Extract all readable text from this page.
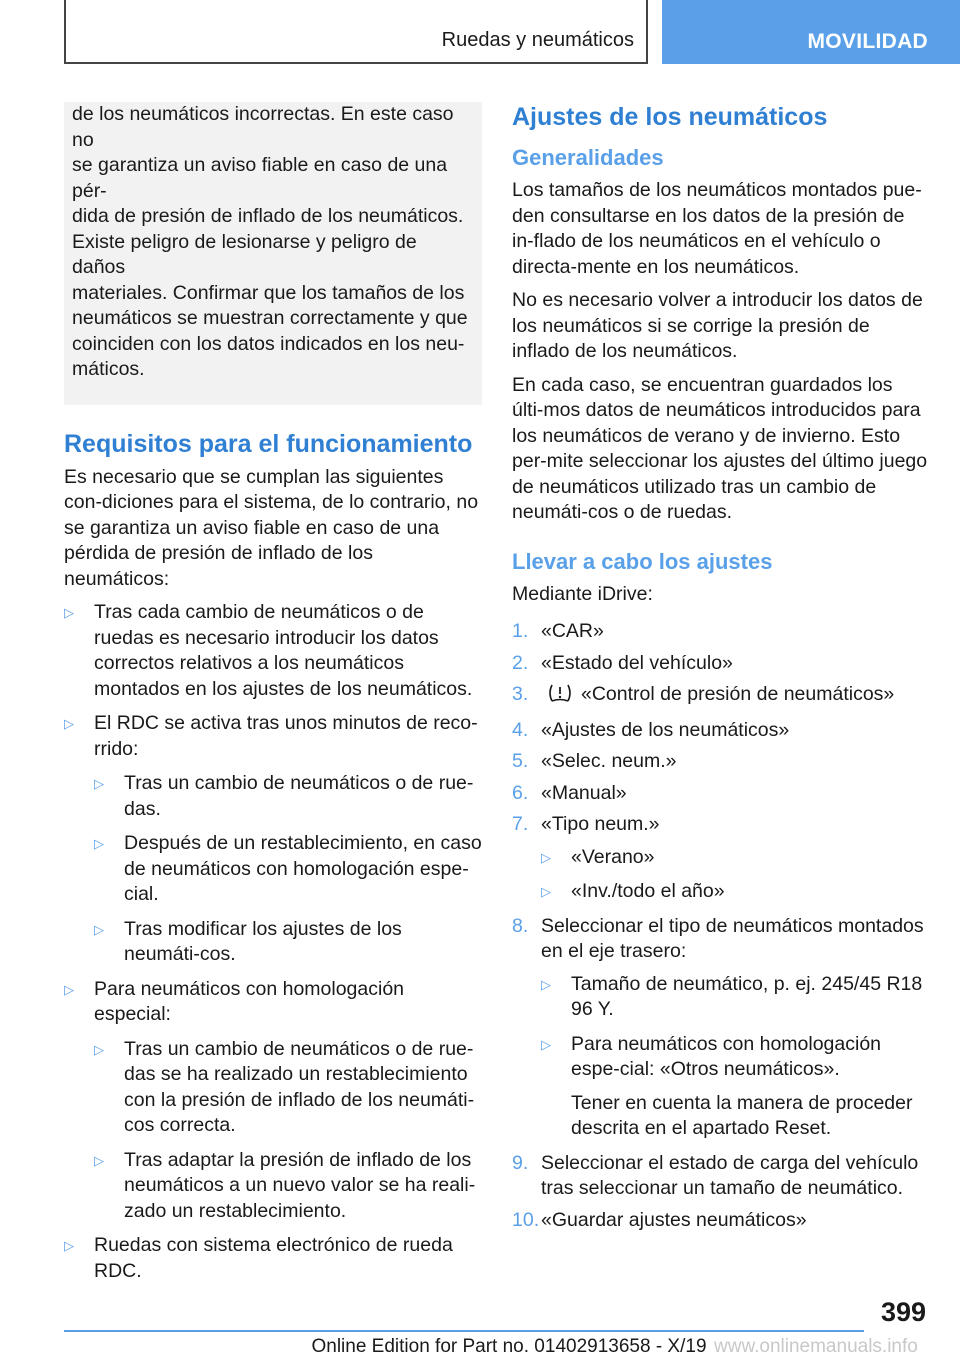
Ruedas y neumáticos	MOVILIDAD

de los neumáticos incorrectas. En este caso no

se garantiza un aviso fiable en caso de una pér-

dida de presión de inflado de los neumáticos.

Existe peligro de lesionarse y peligro de daños

materiales. Confirmar que los tamaños de los

neumáticos se muestran correctamente y que

coinciden con los datos indicados en los neu-

máticos.

Requisitos para el funcionamiento

Es necesario que se cumplan las siguientes con-diciones para el sistema, de lo contrario, no se garantiza un aviso fiable en caso de una pérdida de presión de inflado de los neumáticos:

▷ Tras cada cambio de neumáticos o de ruedas es necesario introducir los datos correctos relativos a los neumáticos montados en los ajustes de los neumáticos.
▷ El RDC se activa tras unos minutos de reco-rrido:
▷ Tras un cambio de neumáticos o de rue-das.
▷ Después de un restablecimiento, en caso de neumáticos con homologación espe-cial.
▷ Tras modificar los ajustes de los neumáti-cos.
▷ Para neumáticos con homologación especial:
▷ Tras un cambio de neumáticos o de rue-das se ha realizado un restablecimiento con la presión de inflado de los neumáti-cos correcta.
▷ Tras adaptar la presión de inflado de los neumáticos a un nuevo valor se ha reali-zado un restablecimiento.
▷ Ruedas con sistema electrónico de rueda RDC.
Ajustes de los neumáticos
Generalidades

Los tamaños de los neumáticos montados pue-den consultarse en los datos de la presión de in-flado de los neumáticos en el vehículo o directa-mente en los neumáticos.

No es necesario volver a introducir los datos de los neumáticos si se corrige la presión de inflado de los neumáticos.

En cada caso, se encuentran guardados los últi-mos datos de neumáticos introducidos para los neumáticos de verano y de invierno. Esto per-mite seleccionar los ajustes del último juego de neumáticos utilizado tras un cambio de neumáti-cos o de ruedas.

Llevar a cabo los ajustes

Mediante iDrive:

1. «CAR»
2. «Estado del vehículo»
3.	«Control de presión de neumáticos»
4. «Ajustes de los neumáticos»
5. «Selec. neum.»
6. «Manual»
7. «Tipo neum.»
▷ «Verano»
▷ «Inv./todo el año»
8. Seleccionar el tipo de neumáticos montados en el eje trasero:
▷ Tamaño de neumático, p. ej. 245/45 R18 96 Y.
▷ Para neumáticos con homologación espe-cial: «Otros neumáticos».
Tener en cuenta la manera de proceder descrita en el apartado Reset.
9. Seleccionar el estado de carga del vehículo tras seleccionar un tamaño de neumático.
10. «Guardar ajustes neumáticos»
399
Online Edition for Part no. 01402913658 - X/19 www.onlinemanuals.info
